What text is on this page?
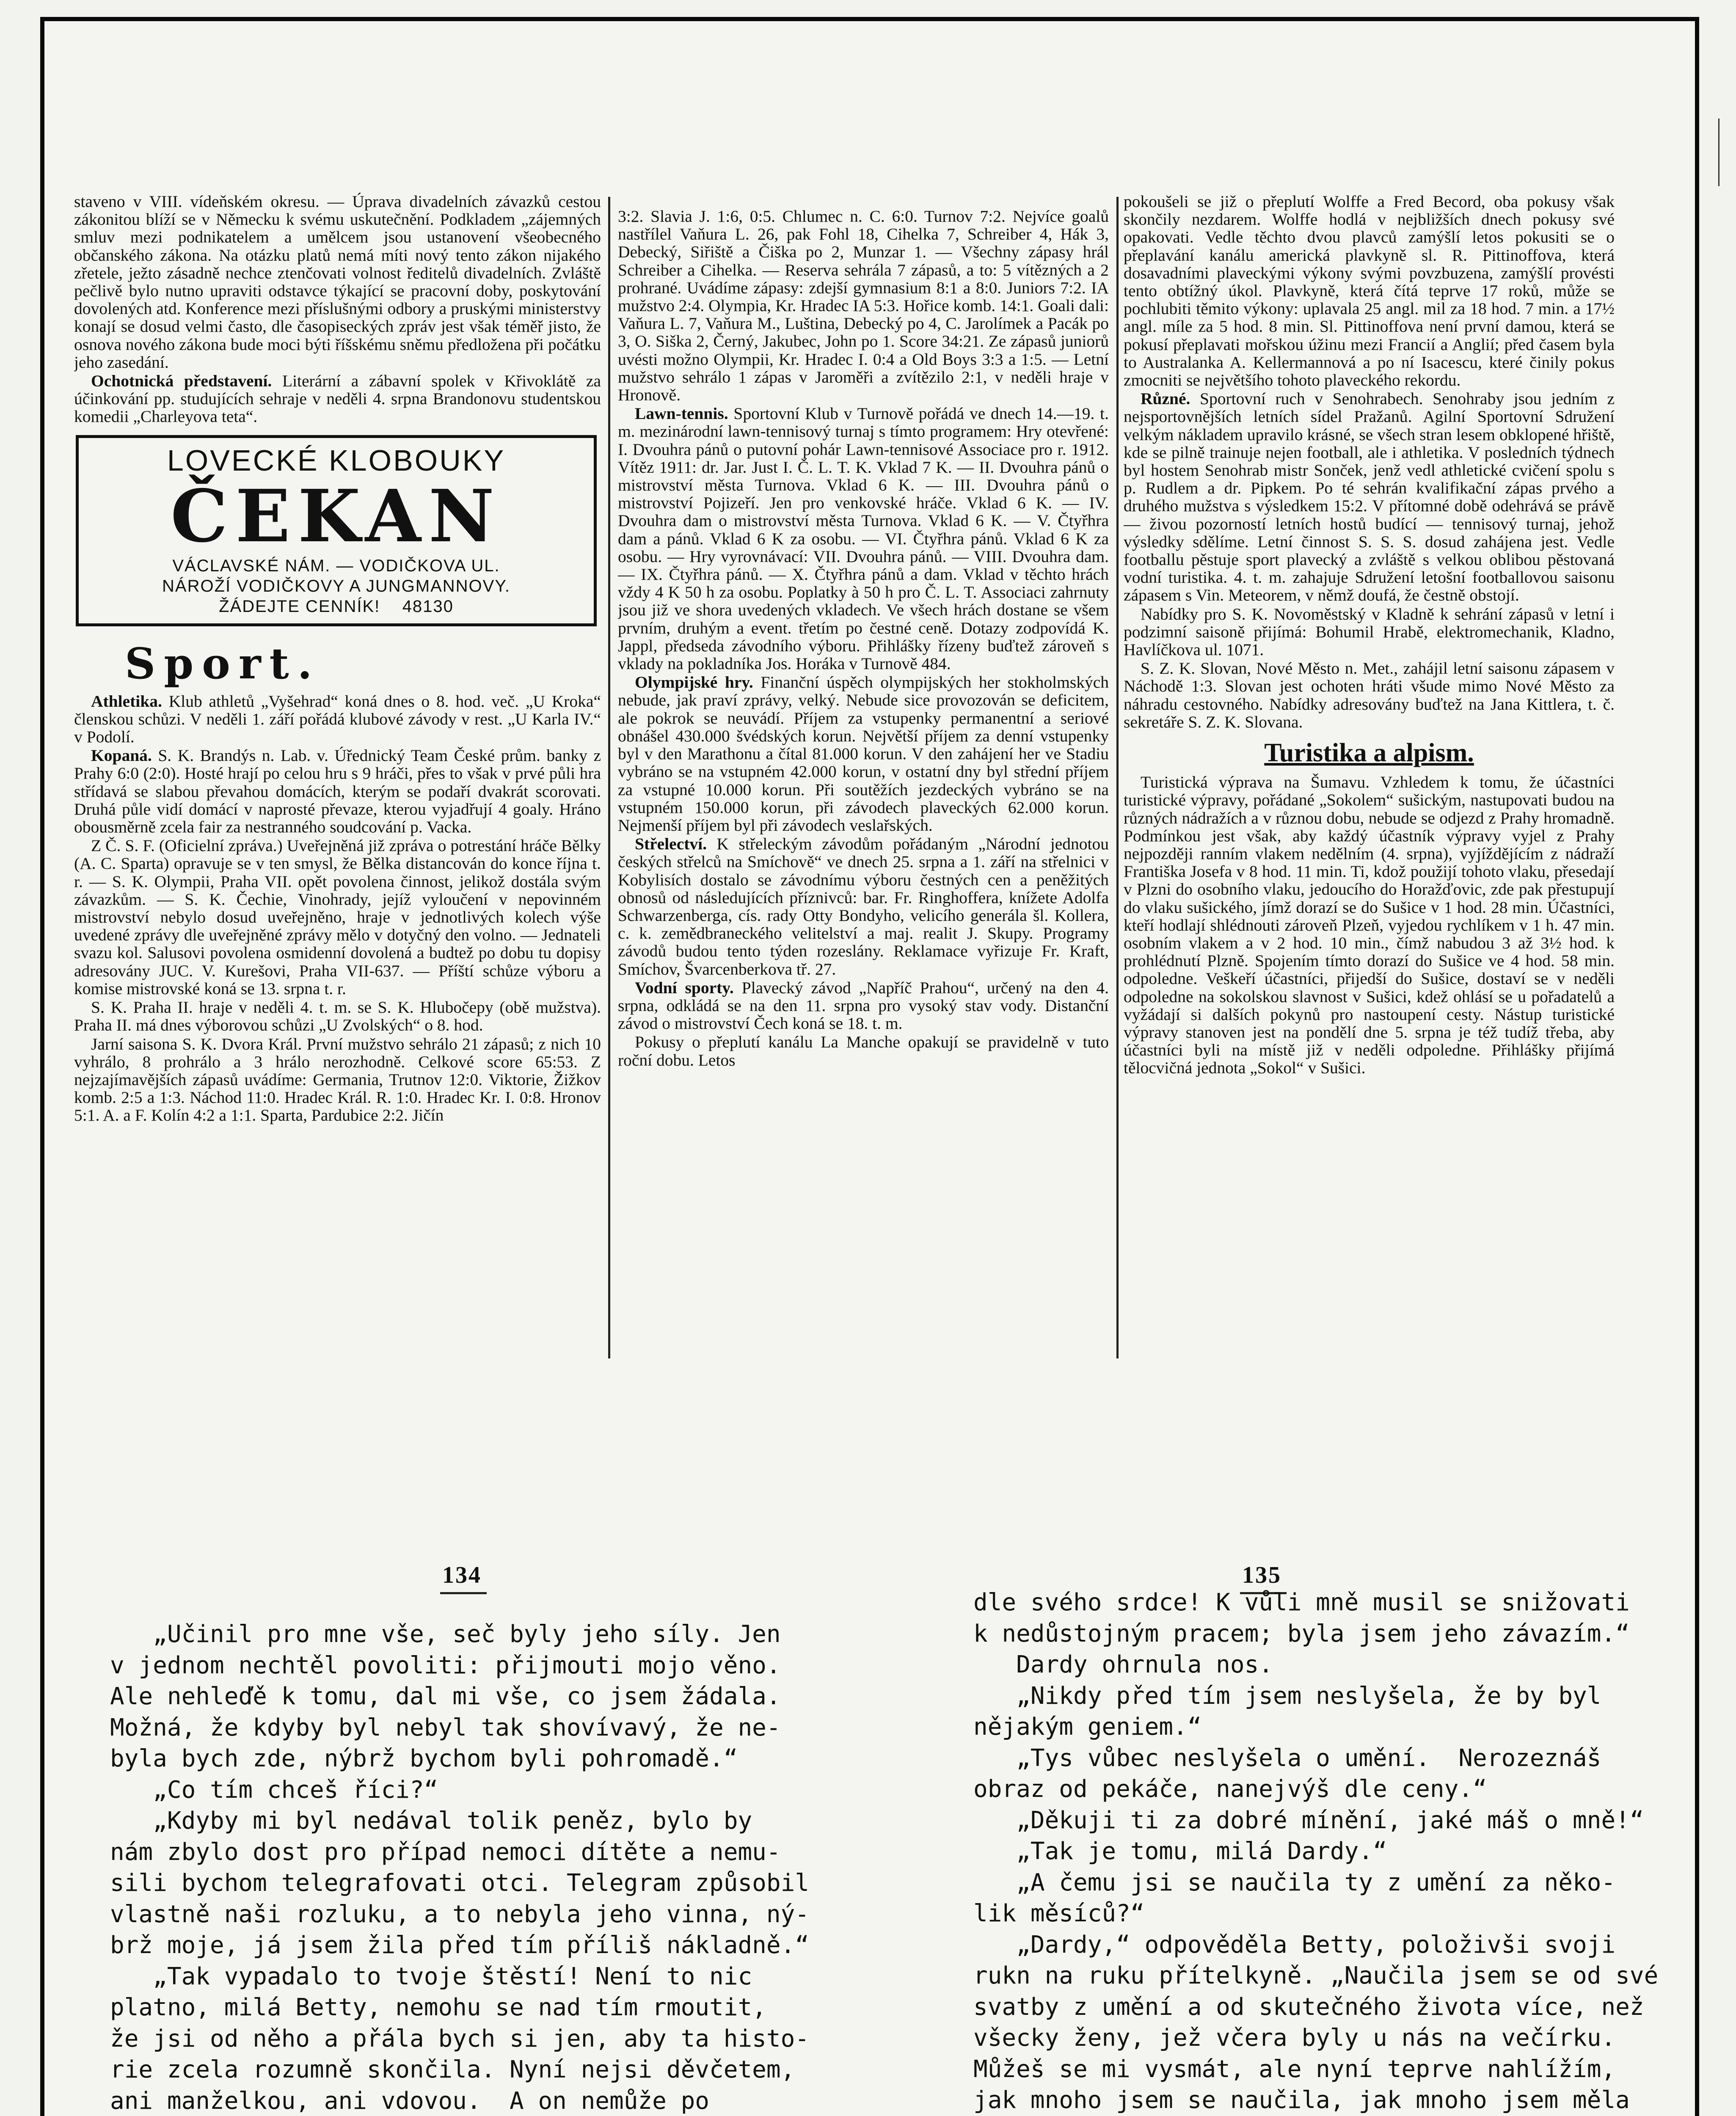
staveno v VIII. vídeňském okresu. — Úprava divadelních závazků cestou zákonitou blíží se v Německu k svému uskutečnění. Podkladem „zájemných smluv mezi podnikatelem a umělcem jsou ustanovení všeobecného občanského zákona. Na otázku platů nemá míti nový tento zákon nijakého zřetele, ježto zásadně nechce ztenčovati volnost ředitelů divadelních. Zvláště pečlivě bylo nutno upraviti odstavce týkající se pracovní doby, poskytování dovolených atd. Konference mezi příslušnými odbory a pruskými ministerstvy konají se dosud velmi často, dle časopiseckých zpráv jest však téměř jisto, že osnova nového zákona bude moci býti říšskému sněmu předložena při počátku jeho zasedání.

Ochotnická představení. Literární a zábavní spolek v Křivoklátě za účinkování pp. studujících sehraje v neděli 4. srpna Brandonovu studentskou komedii „Charleyova teta“.

LOVECKÉ KLOBOUKY
ČEKAN
VÁCLAVSKÉ NÁM. — VODIČKOVA UL.
NÁROŽÍ VODIČKOVY A JUNGMANNOVY.
ŽÁDEJTE CENNÍK! 48130
Sport.

Athletika. Klub athletů „Vyšehrad“ koná dnes o 8. hod. več. „U Kroka“ členskou schůzi. V neděli 1. září pořádá klubové závody v rest. „U Karla IV.“ v Podolí.

Kopaná. S. K. Brandýs n. Lab. v. Úřednický Team České prům. banky z Prahy 6:0 (2:0). Hosté hrají po celou hru s 9 hráči, přes to však v prvé půli hra střídavá se slabou převahou domácích, kterým se podaří dvakrát scorovati. Druhá půle vidí domácí v naprosté převaze, kterou vyjadřují 4 goaly. Hráno obousměrně zcela fair za nestranného soudcování p. Vacka.

Z Č. S. F. (Oficielní zpráva.) Uveřejněná již zpráva o potrestání hráče Bělky (A. C. Sparta) opravuje se v ten smysl, že Bělka distancován do konce října t. r. — S. K. Olympii, Praha VII. opět povolena činnost, jelikož dostála svým závazkům. — S. K. Čechie, Vinohrady, jejíž vyloučení v nepovinném mistrovství nebylo dosud uveřejněno, hraje v jednotlivých kolech výše uvedené zprávy dle uveřejněné zprávy mělo v dotyčný den volno. — Jednateli svazu kol. Salusovi povolena osmidenní dovolená a budtež po dobu tu dopisy adresovány JUC. V. Kurešovi, Praha VII-637. — Příští schůze výboru a komise mistrovské koná se 13. srpna t. r.

S. K. Praha II. hraje v neděli 4. t. m. se S. K. Hlubočepy (obě mužstva). Praha II. má dnes výborovou schůzi „U Zvolských“ o 8. hod.

Jarní saisona S. K. Dvora Král. První mužstvo sehrálo 21 zápasů; z nich 10 vyhrálo, 8 prohrálo a 3 hrálo nerozhodně. Celkové score 65:53. Z nejzajímavějších zápasů uvádíme: Germania, Trutnov 12:0. Viktorie, Žižkov komb. 2:5 a 1:3. Náchod 11:0. Hradec Král. R. 1:0. Hradec Kr. I. 0:8. Hronov 5:1. A. a F. Kolín 4:2 a 1:1. Sparta, Pardubice 2:2. Jičín

3:2. Slavia J. 1:6, 0:5. Chlumec n. C. 6:0. Turnov 7:2. Nejvíce goalů nastřílel Vaňura L. 26, pak Fohl 18, Cihelka 7, Schreiber 4, Hák 3, Debecký, Siřiště a Čiška po 2, Munzar 1. — Všechny zápasy hrál Schreiber a Cihelka. — Reserva sehrála 7 zápasů, a to: 5 vítězných a 2 prohrané. Uvádíme zápasy: zdejší gymnasium 8:1 a 8:0. Juniors 7:2. IA mužstvo 2:4. Olympia, Kr. Hradec IA 5:3. Hořice komb. 14:1. Goali dali: Vaňura L. 7, Vaňura M., Luština, Debecký po 4, C. Jarolímek a Pacák po 3, O. Siška 2, Černý, Jakubec, John po 1. Score 34:21. Ze zápasů juniorů uvésti možno Olympii, Kr. Hradec I. 0:4 a Old Boys 3:3 a 1:5. — Letní mužstvo sehrálo 1 zápas v Jaroměři a zvítězilo 2:1, v neděli hraje v Hronově.

Lawn-tennis. Sportovní Klub v Turnově pořádá ve dnech 14.—19. t. m. mezinárodní lawn-tennisový turnaj s tímto programem: Hry otevřené: I. Dvouhra pánů o putovní pohár Lawn-tennisové Associace pro r. 1912. Vítěz 1911: dr. Jar. Just I. Č. L. T. K. Vklad 7 K. — II. Dvouhra pánů o mistrovství města Turnova. Vklad 6 K. — III. Dvouhra pánů o mistrovství Pojizeří. Jen pro venkovské hráče. Vklad 6 K. — IV. Dvouhra dam o mistrovství města Turnova. Vklad 6 K. — V. Čtyřhra dam a pánů. Vklad 6 K za osobu. — VI. Čtyřhra pánů. Vklad 6 K za osobu. — Hry vyrovnávací: VII. Dvouhra pánů. — VIII. Dvouhra dam. — IX. Čtyřhra pánů. — X. Čtyřhra pánů a dam. Vklad v těchto hrách vždy 4 K 50 h za osobu. Poplatky à 50 h pro Č. L. T. Associaci zahrnuty jsou již ve shora uvedených vkladech. Ve všech hrách dostane se všem prvním, druhým a event. třetím po čestné ceně. Dotazy zodpovídá K. Jappl, předseda závodního výboru. Přihlášky řízeny buďtež zároveň s vklady na pokladníka Jos. Horáka v Turnově 484.

Olympijské hry. Finanční úspěch olympijských her stokholmských nebude, jak praví zprávy, velký. Nebude sice provozován se deficitem, ale pokrok se neuvádí. Příjem za vstupenky permanentní a seriové obnášel 430.000 švédských korun. Největší příjem za denní vstupenky byl v den Marathonu a čítal 81.000 korun. V den zahájení her ve Stadiu vybráno se na vstupném 42.000 korun, v ostatní dny byl střední příjem za vstupné 10.000 korun. Při soutěžích jezdeckých vybráno se na vstupném 150.000 korun, při závodech plaveckých 62.000 korun. Nejmenší příjem byl při závodech veslařských.

Střelectví. K střeleckým závodům pořádaným „Národní jednotou českých střelců na Smíchově“ ve dnech 25. srpna a 1. září na střelnici v Kobylisích dostalo se závodnímu výboru čestných cen a peněžitých obnosů od následujících příznivců: bar. Fr. Ringhoffera, knížete Adolfa Schwarzenberga, cís. rady Otty Bondyho, velicího generála šl. Kollera, c. k. zemědbraneckého velitelství a maj. realit J. Skupy. Programy závodů budou tento týden rozeslány. Reklamace vyřizuje Fr. Kraft, Smíchov, Švarcenberkova tř. 27.

Vodní sporty. Plavecký závod „Napříč Prahou“, určený na den 4. srpna, odkládá se na den 11. srpna pro vysoký stav vody. Distanční závod o mistrovství Čech koná se 18. t. m.

Pokusy o přeplutí kanálu La Manche opakují se pravidelně v tuto roční dobu. Letos

pokoušeli se již o přeplutí Wolffe a Fred Becord, oba pokusy však skončily nezdarem. Wolffe hodlá v nejbližších dnech pokusy své opakovati. Vedle těchto dvou plavců zamýšlí letos pokusiti se o přeplavání kanálu americká plavkyně sl. R. Pittinoffova, která dosavadními plaveckými výkony svými povzbuzena, zamýšlí provésti tento obtížný úkol. Plavkyně, která čítá teprve 17 roků, může se pochlubiti těmito výkony: uplavala 25 angl. mil za 18 hod. 7 min. a 17½ angl. míle za 5 hod. 8 min. Sl. Pittinoffova není první damou, která se pokusí přeplavati mořskou úžinu mezi Francií a Anglií; před časem byla to Australanka A. Kellermannová a po ní Isacescu, které činily pokus zmocniti se největšího tohoto plaveckého rekordu.

Různé. Sportovní ruch v Senohrabech. Senohraby jsou jedním z nejsportovnějších letních sídel Pražanů. Agilní Sportovní Sdružení velkým nákladem upravilo krásné, se všech stran lesem obklopené hřiště, kde se pilně trainuje nejen football, ale i athletika. V posledních týdnech byl hostem Senohrab mistr Sonček, jenž vedl athletické cvičení spolu s p. Rudlem a dr. Pipkem. Po té sehrán kvalifikační zápas prvého a druhého mužstva s výsledkem 15:2. V přítomné době odehrává se právě — živou pozorností letních hostů budící — tennisový turnaj, jehož výsledky sdělíme. Letní činnost S. S. S. dosud zahájena jest. Vedle footballu pěstuje sport plavecký a zvláště s velkou oblibou pěstovaná vodní turistika. 4. t. m. zahajuje Sdružení letošní footballovou saisonu zápasem s Vin. Meteorem, v němž doufá, že čestně obstojí.

Nabídky pro S. K. Novoměstský v Kladně k sehrání zápasů v letní i podzimní saisoně přijímá: Bohumil Hrabě, elektromechanik, Kladno, Havlíčkova ul. 1071.

S. Z. K. Slovan, Nové Město n. Met., zahájil letní saisonu zápasem v Náchodě 1:3. Slovan jest ochoten hráti všude mimo Nové Město za náhradu cestovného. Nabídky adresovány buďtež na Jana Kittlera, t. č. sekretáře S. Z. K. Slovana.

Turistika a alpism.

Turistická výprava na Šumavu. Vzhledem k tomu, že účastníci turistické výpravy, pořádané „Sokolem“ sušickým, nastupovati budou na různých nádražích a v různou dobu, nebude se odjezd z Prahy hromadně. Podmínkou jest však, aby každý účastník výpravy vyjel z Prahy nejpozději ranním vlakem nedělním (4. srpna), vyjíždějícím z nádraží Františka Josefa v 8 hod. 11 min. Ti, kdož použijí tohoto vlaku, přesedají v Plzni do osobního vlaku, jedoucího do Horažďovic, zde pak přestupují do vlaku sušického, jímž dorazí se do Sušice v 1 hod. 28 min. Účastníci, kteří hodlají shlédnouti zároveň Plzeň, vyjedou rychlíkem v 1 h. 47 min. osobním vlakem a v 2 hod. 10 min., čímž nabudou 3 až 3½ hod. k prohlédnutí Plzně. Spojením tímto dorazí do Sušice ve 4 hod. 58 min. odpoledne. Veškeří účastníci, přijedší do Sušice, dostaví se v neděli odpoledne na sokolskou slavnost v Sušici, kdež ohlásí se u pořadatelů a vyžádají si dalších pokynů pro nastoupení cesty. Nástup turistické výpravy stanoven jest na pondělí dne 5. srpna je též tudíž třeba, aby účastníci byli na místě již v neděli odpoledne. Přihlášky přijímá tělocvičná jednota „Sokol“ v Sušici.

134	135
„Učinil pro mne vše, seč byly jeho síly. Jen
v jednom nechtěl povoliti: přijmouti mojo věno.
Ale nehleďě k tomu, dal mi vše, co jsem žádala.
Možná, že kdyby byl nebyl tak shovívavý, že ne-
byla bych zde, nýbrž bychom byli pohromadě.“
„Co tím chceš říci?“
„Kdyby mi byl nedával tolik peněz, bylo by
nám zbylo dost pro případ nemoci dítěte a nemu-
sili bychom telegrafovati otci. Telegram způsobil
vlastně naši rozluku, a to nebyla jeho vinna, ný-
brž moje, já jsem žila před tím příliš nákladně.“
„Tak vypadalo to tvoje štěstí! Není to nic
platno, milá Betty, nemohu se nad tím rmoutit,
že jsi od něho a přála bych si jen, aby ta histo-
rie zcela rozumně skončila. Nyní nejsi děvčetem,
ani manželkou, ani vdovou.  A on nemůže po
dle svého srdce! K vůli mně musil se snižovati
k nedůstojným pracem; byla jsem jeho závazím.“
Dardy ohrnula nos.
„Nikdy před tím jsem neslyšela, že by byl
nějakým geniem.“
„Tys vůbec neslyšela o umění.  Nerozeznáš
obraz od pekáče, nanejvýš dle ceny.“
„Děkuji ti za dobré mínění, jaké máš o mně!“
„Tak je tomu, milá Dardy.“
„A čemu jsi se naučila ty z umění za něko-
lik měsíců?“
„Dardy,“ odpověděla Betty, položivši svoji
rukn na ruku přítelkyně. „Naučila jsem se od své
svatby z umění a od skutečného života více, než
všecky ženy, jež včera byly u nás na večírku.
Můžeš se mi vysmát, ale nyní teprve nahlížím,
jak mnoho jsem se naučila, jak mnoho jsem měla
